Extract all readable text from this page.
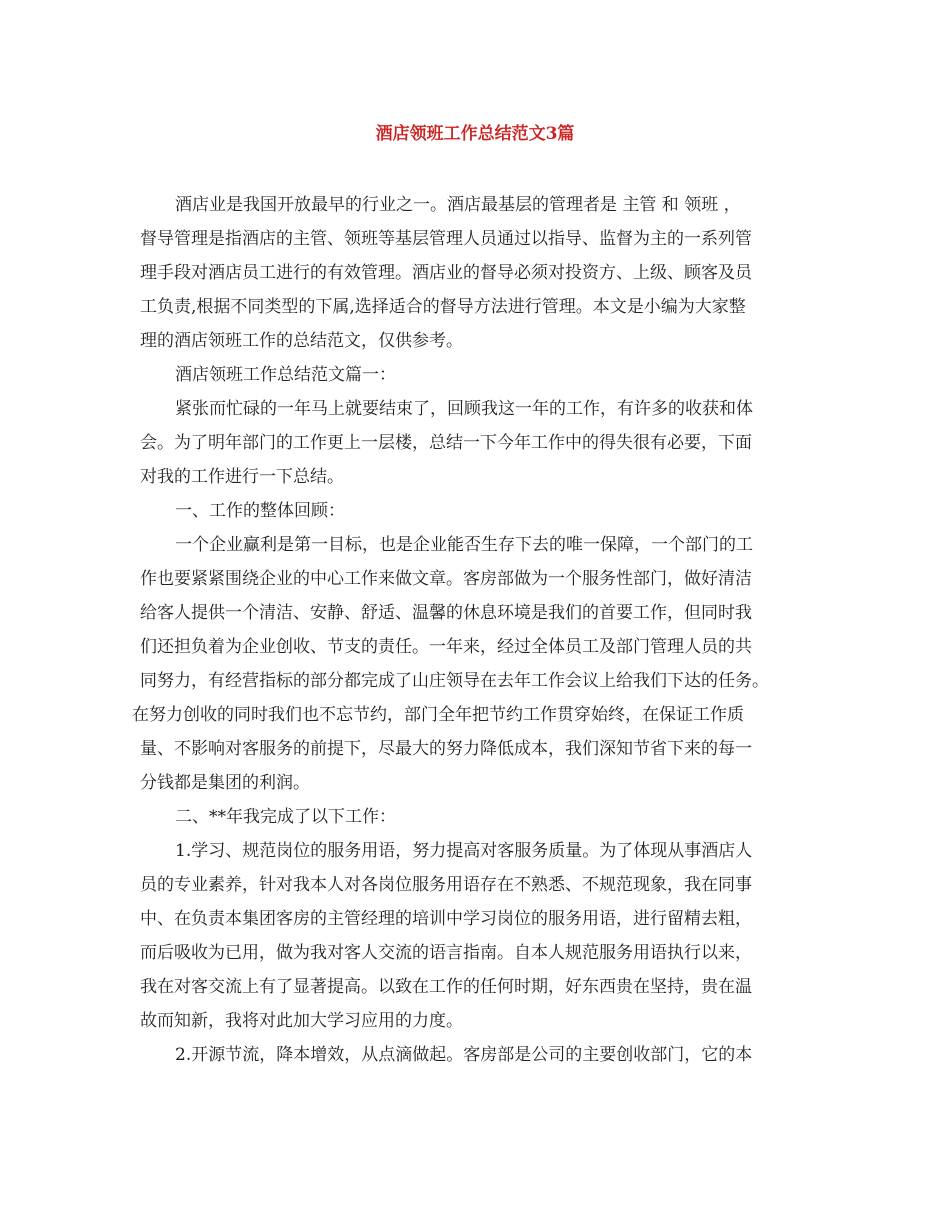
酒店领班工作总结范文3篇
酒店业是我国开放最早的行业之一。酒店最基层的管理者是 主管 和 领班 ，
督导管理是指酒店的主管、领班等基层管理人员通过以指导、监督为主的一系列管
理手段对酒店员工进行的有效管理。酒店业的督导必须对投资方、上级、顾客及员
工负责,根据不同类型的下属,选择适合的督导方法进行管理。本文是小编为大家整
理的酒店领班工作的总结范文，仅供参考。
酒店领班工作总结范文篇一：
紧张而忙碌的一年马上就要结束了，回顾我这一年的工作，有许多的收获和体
会。为了明年部门的工作更上一层楼，总结一下今年工作中的得失很有必要，下面
对我的工作进行一下总结。
一、工作的整体回顾：
一个企业赢利是第一目标，也是企业能否生存下去的唯一保障，一个部门的工
作也要紧紧围绕企业的中心工作来做文章。客房部做为一个服务性部门，做好清洁
给客人提供一个清洁、安静、舒适、温馨的休息环境是我们的首要工作，但同时我
们还担负着为企业创收、节支的责任。一年来，经过全体员工及部门管理人员的共
同努力，有经营指标的部分都完成了山庄领导在去年工作会议上给我们下达的任务。
在努力创收的同时我们也不忘节约，部门全年把节约工作贯穿始终，在保证工作质
量、不影响对客服务的前提下，尽最大的努力降低成本，我们深知节省下来的每一
分钱都是集团的利润。
二、**年我完成了以下工作：
1.学习、规范岗位的服务用语，努力提高对客服务质量。为了体现从事酒店人
员的专业素养，针对我本人对各岗位服务用语存在不熟悉、不规范现象，我在同事
中、在负责本集团客房的主管经理的培训中学习岗位的服务用语，进行留精去粗，
而后吸收为已用，做为我对客人交流的语言指南。自本人规范服务用语执行以来，
我在对客交流上有了显著提高。以致在工作的任何时期，好东西贵在坚持，贵在温
故而知新，我将对此加大学习应用的力度。
2.开源节流，降本增效，从点滴做起。客房部是公司的主要创收部门，它的本
